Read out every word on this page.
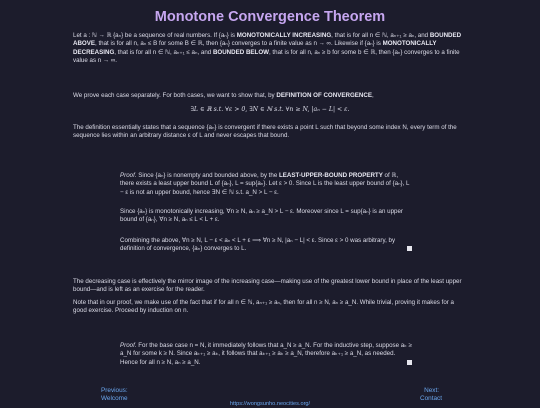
Monotone Convergence Theorem

Let a : ℕ → ℝ {aₙ} be a sequence of real numbers. If {aₙ} is MONOTONICALLY INCREASING, that is for all n ∈ ℕ, aₙ₊₁ ≥ aₙ, and BOUNDED ABOVE, that is for all n, aₙ ≤ B for some B ∈ ℝ, then {aₙ} converges to a finite value as n → ∞. Likewise if {aₙ} is MONOTONICALLY DECREASING, that is for all n ∈ ℕ, aₙ₊₁ ≤ aₙ, and BOUNDED BELOW, that is for all n, aₙ ≥ b for some b ∈ ℝ, then {aₙ} converges to a finite value as n → ∞.

We prove each case separately. For both cases, we want to show that, by DEFINITION OF CONVERGENCE,

∃L ∈ ℝ s.t. ∀ε > 0, ∃N ∈ ℕ s.t. ∀n ≥ N, |aₙ − L| < ε.

The definition essentially states that a sequence {aₙ} is convergent if there exists a point L such that beyond some index N, every term of the sequence lies within an arbitrary distance ε of L and never escapes that bound.

Proof. Since {aₙ} is nonempty and bounded above, by the LEAST-UPPER-BOUND PROPERTY of ℝ, there exists a least upper bound L of {aₙ}, L = sup{aₙ}. Let ε > 0. Since L is the least upper bound of {aₙ}, L − ε is not an upper bound, hence ∃N ∈ ℕ s.t. a_N > L − ε.

Since {aₙ} is monotonically increasing, ∀n ≥ N, aₙ ≥ a_N > L − ε. Moreover since L = sup{aₙ} is an upper bound of {aₙ}, ∀n ≥ N, aₙ ≤ L < L + ε.

Combining the above, ∀n ≥ N, L − ε < aₙ < L + ε ⟹ ∀n ≥ N, |aₙ − L| < ε. Since ε > 0 was arbitrary, by definition of convergence, {aₙ} converges to L.

The decreasing case is effectively the mirror image of the increasing case—making use of the greatest lower bound in place of the least upper bound—and is left as an exercise for the reader.

Note that in our proof, we make use of the fact that if for all n ∈ ℕ, aₙ₊₁ ≥ aₙ, then for all n ≥ N, aₙ ≥ a_N. While trivial, proving it makes for a good exercise. Proceed by induction on n.

Proof. For the base case n = N, it immediately follows that a_N ≥ a_N. For the inductive step, suppose aₖ ≥ a_N for some k ≥ N. Since aₖ₊₁ ≥ aₖ, it follows that aₖ₊₁ ≥ aₖ ≥ a_N, therefore aₖ₊₁ ≥ a_N, as needed. Hence for all n ≥ N, aₙ ≥ a_N.

Previous:
Welcome
Next:
Contact
https://wongsunho.neocities.org/
